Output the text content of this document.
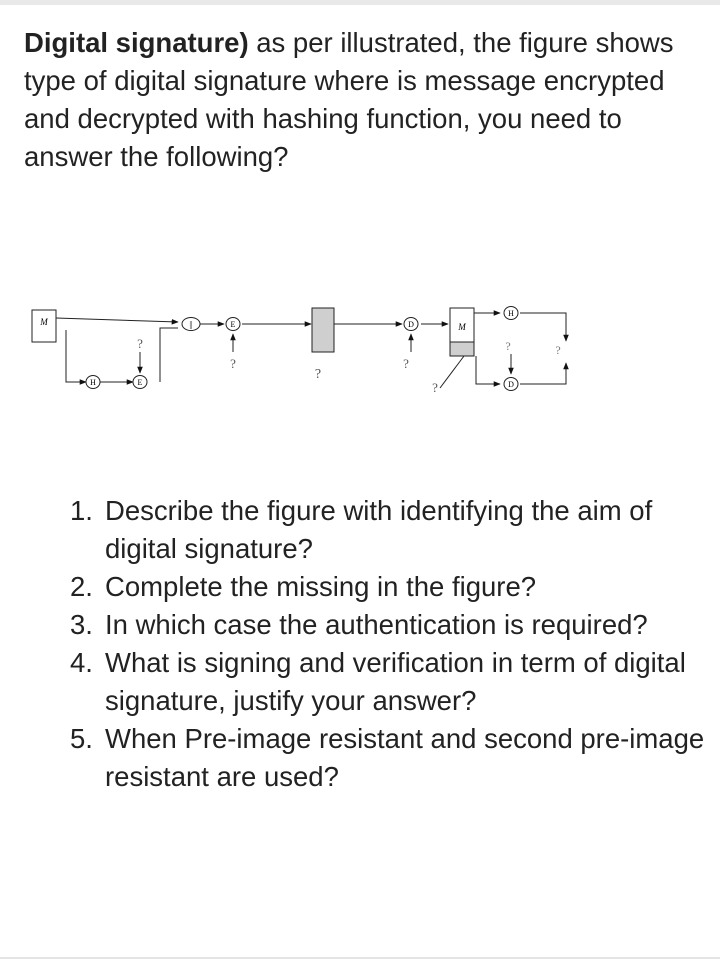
Digital signature) as per illustrated, the figure shows type of digital signature where is message encrypted and decrypted with hashing function, you need to answer the following?

M
H	E
||	E	D	M
H
D
?
?
?
?
?
?	?
1. Describe the figure with identifying the aim of digital signature?
2. Complete the missing in the figure?
3. In which case the authentication is required?
4. What is signing and verification in term of digital signature, justify your answer?
5. When Pre-image resistant and second pre-image resistant are used?
